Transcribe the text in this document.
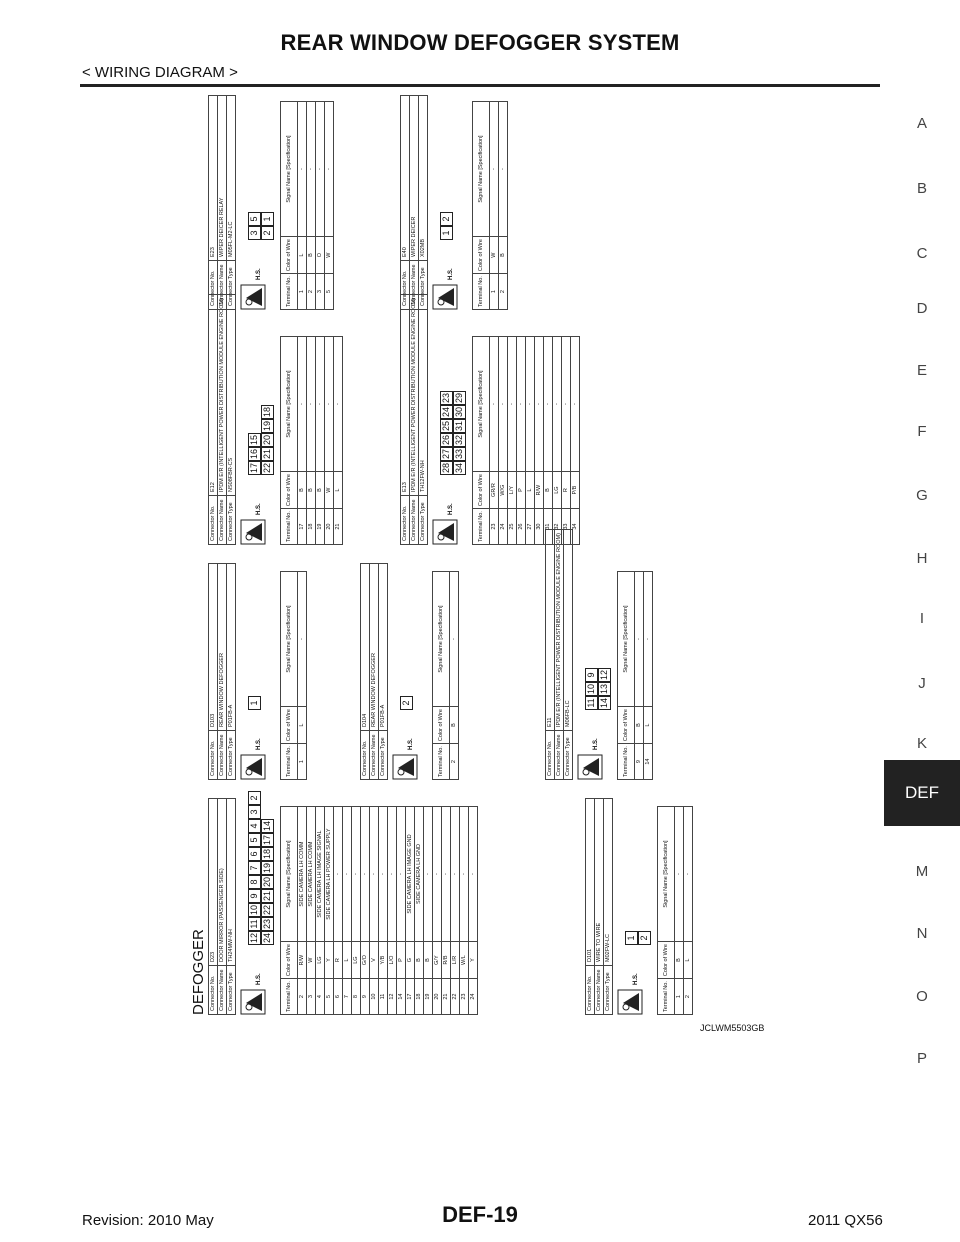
REAR WINDOW DEFOGGER SYSTEM
< WIRING DIAGRAM >
A
B
C
D
E
F
G
H
I
J
K
M
N
O
P
DEF
DEFOGGER Connector No.	D23
Connector Name	DOOR MIRROR (PASSENGER SIDE)
Connector Type	TH24MW-NH
H.S.
12
11
10
9
8
7
6
5
4
3
2
24
23
22
21
20
19
18
17
14
Terminal No.	Color of Wire	Signal Name [Specification]
2	R/W	SIDE CAMERA LH COMM
3	W	SIDE CAMERA LH COMM
4	LG	SIDE CAMERA LH IMAGE SIGNAL
5	Y	SIDE CAMERA LH POWER SUPPLY
6	R	-
7	L	-
8	LG	-
9	G/O	-
10	V	-
11	Y/B	-
12	L/O	-
14	P	-
17	G	SIDE CAMERA LH IMAGE GND
18	B	SIDE CAMERA LH GND
19	B	-
20	G/Y	-
21	R/B	-
22	L/R	-
23	W/L	-
24	Y	-
Connector No.	D101
Connector Name	WIRE TO WIRE
Connector Type	M02FW-LC
H.S.
1 2
Terminal No.	Color of Wire	Signal Name [Specification]
1	B	-
2	L	-
Connector No.	D103
Connector Name	REAR WINDOW DEFOGGER
Connector Type	P01FB-A
H.S.
1
Terminal No.	Color of Wire	Signal Name [Specification]
1	L	-
Connector No.	D104
Connector Name	REAR WINDOW DEFOGGER
Connector Type	P01FB-A
H.S.
2
Terminal No.	Color of Wire	Signal Name [Specification]
2	B	-
Connector No.	E11
Connector Name	IPDM E/R (INTELLIGENT POWER DISTRIBUTION MODULE ENGINE ROOM)
Connector Type	M06FB-LC
H.S.
11
10
9
14
13
12
Terminal No.	Color of Wire	Signal Name [Specification]
9	B	-
14	L	-
Connector No.	E12
Connector Name	IPDM E/R (INTELLIGENT POWER DISTRIBUTION MODULE ENGINE ROOM)
Connector Type	NS08FBR-CS
H.S.
17
16
15
22
21
20
19
18
Terminal No.	Color of Wire	Signal Name [Specification]
17	B	-
18	B	-
19	B	-
20	W	-
21	L	-
Connector No.	E13
Connector Name	IPDM E/R (INTELLIGENT POWER DISTRIBUTION MODULE ENGINE ROOM)
Connector Type	TH12FW-NH
H.S.
28
27
26
25
24
23
34
33
32
31
30
29
Terminal No.	Color of Wire	Signal Name [Specification]
23	GR/R	-
24	W/G	-
25	L/Y	-
26	P	-
27	L	-
30	R/W	-
31	B	-
32	LG	-
33	R	-
34	P/B	-
Connector No.	E23
Connector Name	WIPER DEICER RELAY
Connector Type	M05FL-M2-LC
H.S.
3
5
2
1
Terminal No.	Color of Wire	Signal Name [Specification]
1	L	-
2	B	-
3	O	-
5	W	-
Connector No.	E40
Connector Name	WIPER DEICER
Connector Type	X02MB
H.S.
1
2
Terminal No.	Color of Wire	Signal Name [Specification]
1	W	-
2	B	-
JCLWM5503GB
Revision: 2010 May	DEF-19	2011 QX56
